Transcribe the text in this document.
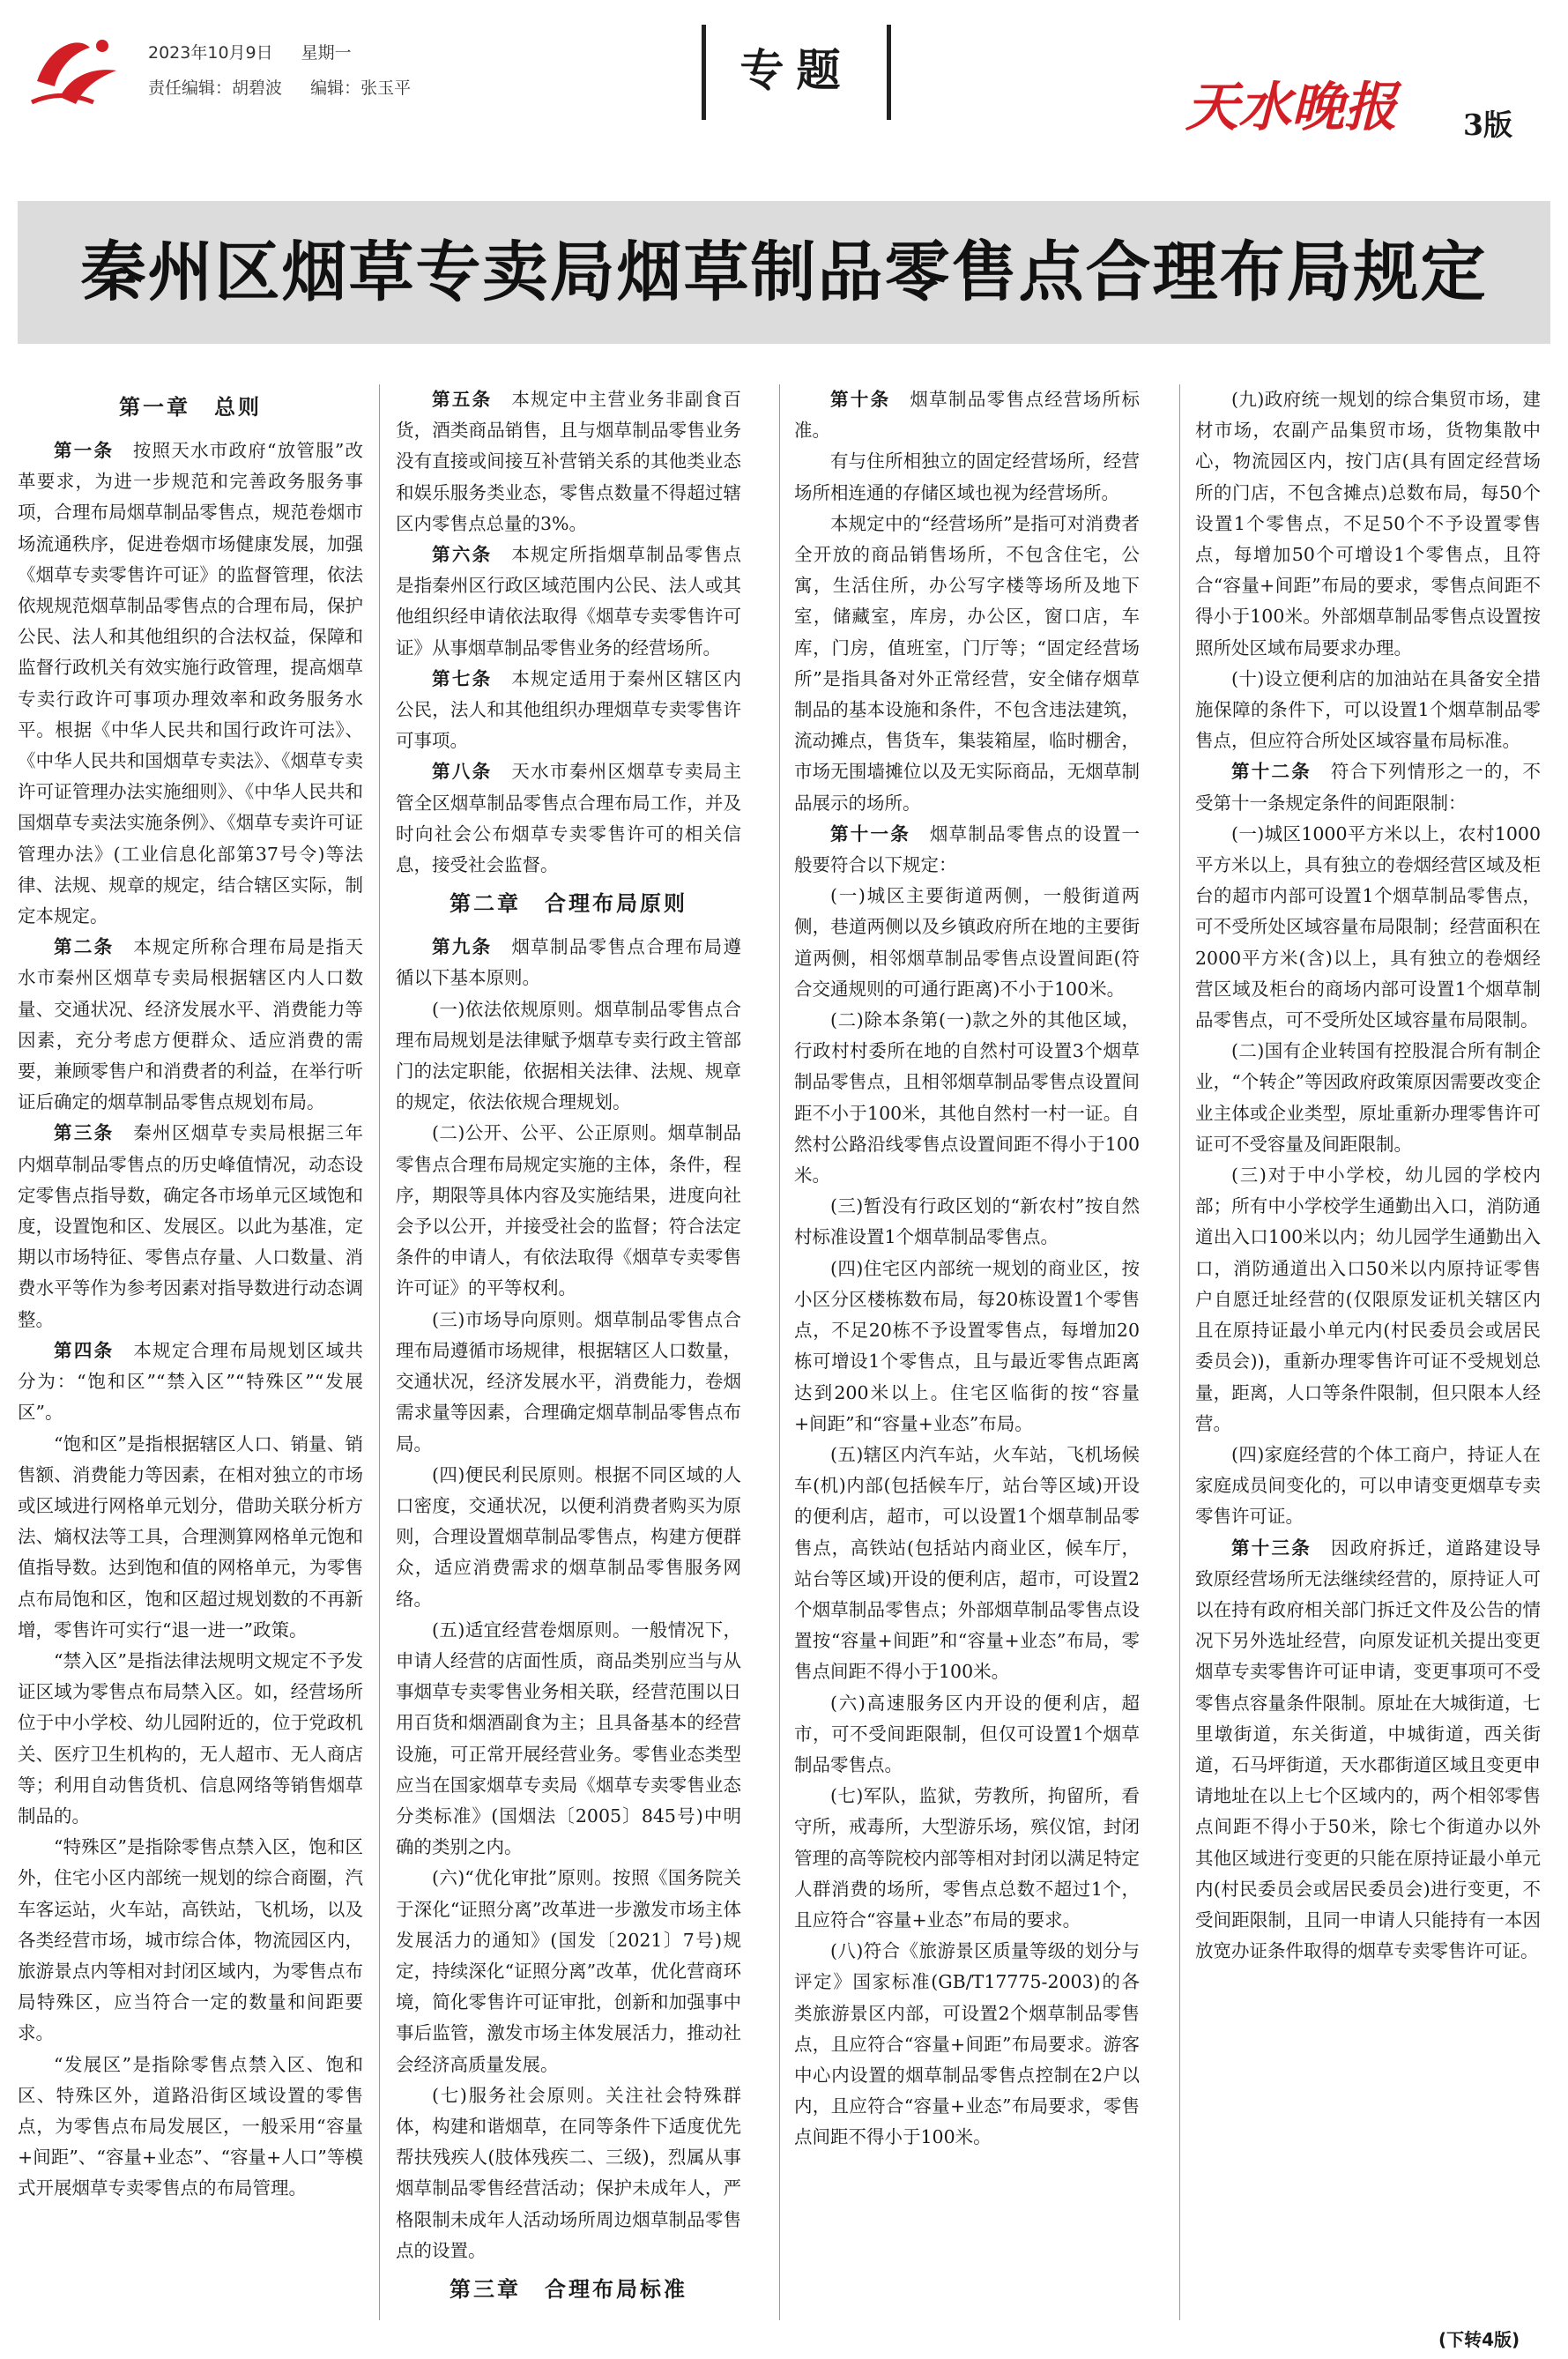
2023年10月9日 星期一
责任编辑：胡碧波 编辑：张玉平	专题
天水晚报 3版
秦州区烟草专卖局烟草制品零售点合理布局规定
第一章　总则

第一条　 按照天水市政府“放管服”改革要求，为进一步规范和完善政务服务事项，合理布局烟草制品零售点，规范卷烟市场流通秩序，促进卷烟市场健康发展，加强《烟草专卖零售许可证》的监督管理，依法依规规范烟草制品零售点的合理布局，保护公民、法人和其他组织的合法权益，保障和监督行政机关有效实施行政管理，提高烟草专卖行政许可事项办理效率和政务服务水平。根据《中华人民共和国行政许可法》、《中华人民共和国烟草专卖法》、《烟草专卖许可证管理办法实施细则》、《中华人民共和国烟草专卖法实施条例》、《烟草专卖许可证管理办法》(工业信息化部第37号令)等法律、法规、规章的规定，结合辖区实际，制定本规定。

第二条　 本规定所称合理布局是指天水市秦州区烟草专卖局根据辖区内人口数量、交通状况、经济发展水平、消费能力等因素，充分考虑方便群众、适应消费的需要，兼顾零售户和消费者的利益，在举行听证后确定的烟草制品零售点规划布局。

第三条　 秦州区烟草专卖局根据三年内烟草制品零售点的历史峰值情况，动态设定零售点指导数，确定各市场单元区域饱和度，设置饱和区、发展区。以此为基准，定期以市场特征、零售点存量、人口数量、消费水平等作为参考因素对指导数进行动态调整。

第四条　 本规定合理布局规划区域共分为：“饱和区”“禁入区”“特殊区”“发展区”。

“饱和区”是指根据辖区人口、销量、销售额、消费能力等因素，在相对独立的市场或区域进行网格单元划分，借助关联分析方法、熵权法等工具，合理测算网格单元饱和值指导数。达到饱和值的网格单元，为零售点布局饱和区，饱和区超过规划数的不再新增，零售许可实行“退一进一”政策。

“禁入区”是指法律法规明文规定不予发证区域为零售点布局禁入区。如，经营场所位于中小学校、幼儿园附近的，位于党政机关、医疗卫生机构的，无人超市、无人商店等；利用自动售货机、信息网络等销售烟草制品的。

“特殊区”是指除零售点禁入区，饱和区外，住宅小区内部统一规划的综合商圈，汽车客运站，火车站，高铁站，飞机场，以及各类经营市场，城市综合体，物流园区内，旅游景点内等相对封闭区域内，为零售点布局特殊区，应当符合一定的数量和间距要求。

“发展区”是指除零售点禁入区、饱和区、特殊区外，道路沿街区域设置的零售点，为零售点布局发展区，一般采用“容量+间距”、“容量+业态”、“容量+人口”等模式开展烟草专卖零售点的布局管理。

第五条　 本规定中主营业务非副食百货，酒类商品销售，且与烟草制品零售业务没有直接或间接互补营销关系的其他类业态和娱乐服务类业态，零售点数量不得超过辖区内零售点总量的3%。

第六条　 本规定所指烟草制品零售点是指秦州区行政区域范围内公民、法人或其他组织经申请依法取得《烟草专卖零售许可证》从事烟草制品零售业务的经营场所。

第七条　 本规定适用于秦州区辖区内公民，法人和其他组织办理烟草专卖零售许可事项。

第八条　 天水市秦州区烟草专卖局主管全区烟草制品零售点合理布局工作，并及时向社会公布烟草专卖零售许可的相关信息，接受社会监督。

第二章　合理布局原则

第九条　 烟草制品零售点合理布局遵循以下基本原则。

(一)依法依规原则。烟草制品零售点合理布局规划是法律赋予烟草专卖行政主管部门的法定职能，依据相关法律、法规、规章的规定，依法依规合理规划。

(二)公开、公平、公正原则。烟草制品零售点合理布局规定实施的主体，条件，程序，期限等具体内容及实施结果，进度向社会予以公开，并接受社会的监督；符合法定条件的申请人，有依法取得《烟草专卖零售许可证》的平等权利。

(三)市场导向原则。烟草制品零售点合理布局遵循市场规律，根据辖区人口数量，交通状况，经济发展水平，消费能力，卷烟需求量等因素，合理确定烟草制品零售点布局。

(四)便民利民原则。根据不同区域的人口密度，交通状况，以便利消费者购买为原则，合理设置烟草制品零售点，构建方便群众，适应消费需求的烟草制品零售服务网络。

(五)适宜经营卷烟原则。一般情况下，申请人经营的店面性质，商品类别应当与从事烟草专卖零售业务相关联，经营范围以日用百货和烟酒副食为主；且具备基本的经营设施，可正常开展经营业务。零售业态类型应当在国家烟草专卖局《烟草专卖零售业态分类标准》(国烟法〔2005〕845号)中明确的类别之内。

(六)“优化审批”原则。按照《国务院关于深化“证照分离”改革进一步激发市场主体发展活力的通知》(国发〔2021〕7号)规定，持续深化“证照分离”改革，优化营商环境，简化零售许可证审批，创新和加强事中事后监管，激发市场主体发展活力，推动社会经济高质量发展。

(七)服务社会原则。关注社会特殊群体，构建和谐烟草，在同等条件下适度优先帮扶残疾人(肢体残疾二、三级)，烈属从事烟草制品零售经营活动；保护未成年人，严格限制未成年人活动场所周边烟草制品零售点的设置。

第三章　合理布局标准

第十条　 烟草制品零售点经营场所标准。

有与住所相独立的固定经营场所，经营场所相连通的存储区域也视为经营场所。

本规定中的“经营场所”是指可对消费者全开放的商品销售场所，不包含住宅，公寓，生活住所，办公写字楼等场所及地下室，储藏室，库房，办公区，窗口店，车库，门房，值班室，门厅等；“固定经营场所”是指具备对外正常经营，安全储存烟草制品的基本设施和条件，不包含违法建筑，流动摊点，售货车，集装箱屋，临时棚舍，市场无围墙摊位以及无实际商品，无烟草制品展示的场所。

第十一条　 烟草制品零售点的设置一般要符合以下规定：

(一)城区主要街道两侧，一般街道两侧，巷道两侧以及乡镇政府所在地的主要街道两侧，相邻烟草制品零售点设置间距(符合交通规则的可通行距离)不小于100米。

(二)除本条第(一)款之外的其他区域，行政村村委所在地的自然村可设置3个烟草制品零售点，且相邻烟草制品零售点设置间距不小于100米，其他自然村一村一证。自然村公路沿线零售点设置间距不得小于100米。

(三)暂没有行政区划的“新农村”按自然村标准设置1个烟草制品零售点。

(四)住宅区内部统一规划的商业区，按小区分区楼栋数布局，每20栋设置1个零售点，不足20栋不予设置零售点，每增加20栋可增设1个零售点，且与最近零售点距离达到200米以上。住宅区临街的按“容量+间距”和“容量+业态”布局。

(五)辖区内汽车站，火车站，飞机场候车(机)内部(包括候车厅，站台等区域)开设的便利店，超市，可以设置1个烟草制品零售点，高铁站(包括站内商业区，候车厅，站台等区域)开设的便利店，超市，可设置2个烟草制品零售点；外部烟草制品零售点设置按“容量+间距”和“容量+业态”布局，零售点间距不得小于100米。

(六)高速服务区内开设的便利店，超市，可不受间距限制，但仅可设置1个烟草制品零售点。

(七)军队，监狱，劳教所，拘留所，看守所，戒毒所，大型游乐场，殡仪馆，封闭管理的高等院校内部等相对封闭以满足特定人群消费的场所，零售点总数不超过1个，且应符合“容量+业态”布局的要求。

(八)符合《旅游景区质量等级的划分与评定》国家标准(GB/T17775-2003)的各类旅游景区内部，可设置2个烟草制品零售点，且应符合“容量+间距”布局要求。游客中心内设置的烟草制品零售点控制在2户以内，且应符合“容量+业态”布局要求，零售点间距不得小于100米。

(九)政府统一规划的综合集贸市场，建材市场，农副产品集贸市场，货物集散中心，物流园区内，按门店(具有固定经营场所的门店，不包含摊点)总数布局，每50个设置1个零售点，不足50个不予设置零售点，每增加50个可增设1个零售点，且符合“容量+间距”布局的要求，零售点间距不得小于100米。外部烟草制品零售点设置按照所处区域布局要求办理。

(十)设立便利店的加油站在具备安全措施保障的条件下，可以设置1个烟草制品零售点，但应符合所处区域容量布局标准。

第十二条　 符合下列情形之一的，不受第十一条规定条件的间距限制：

(一)城区1000平方米以上，农村1000平方米以上，具有独立的卷烟经营区域及柜台的超市内部可设置1个烟草制品零售点，可不受所处区域容量布局限制；经营面积在2000平方米(含)以上，具有独立的卷烟经营区域及柜台的商场内部可设置1个烟草制品零售点，可不受所处区域容量布局限制。

(二)国有企业转国有控股混合所有制企业，“个转企”等因政府政策原因需要改变企业主体或企业类型，原址重新办理零售许可证可不受容量及间距限制。

(三)对于中小学校，幼儿园的学校内部；所有中小学校学生通勤出入口，消防通道出入口100米以内；幼儿园学生通勤出入口，消防通道出入口50米以内原持证零售户自愿迁址经营的(仅限原发证机关辖区内且在原持证最小单元内(村民委员会或居民委员会))，重新办理零售许可证不受规划总量，距离，人口等条件限制，但只限本人经营。

(四)家庭经营的个体工商户，持证人在家庭成员间变化的，可以申请变更烟草专卖零售许可证。

第十三条　 因政府拆迁，道路建设导致原经营场所无法继续经营的，原持证人可以在持有政府相关部门拆迁文件及公告的情况下另外选址经营，向原发证机关提出变更烟草专卖零售许可证申请，变更事项可不受零售点容量条件限制。原址在大城街道，七里墩街道，东关街道，中城街道，西关街道，石马坪街道，天水郡街道区域且变更申请地址在以上七个区域内的，两个相邻零售点间距不得小于50米，除七个街道办以外其他区域进行变更的只能在原持证最小单元内(村民委员会或居民委员会)进行变更，不受间距限制，且同一申请人只能持有一本因放宽办证条件取得的烟草专卖零售许可证。

(下转4版)
